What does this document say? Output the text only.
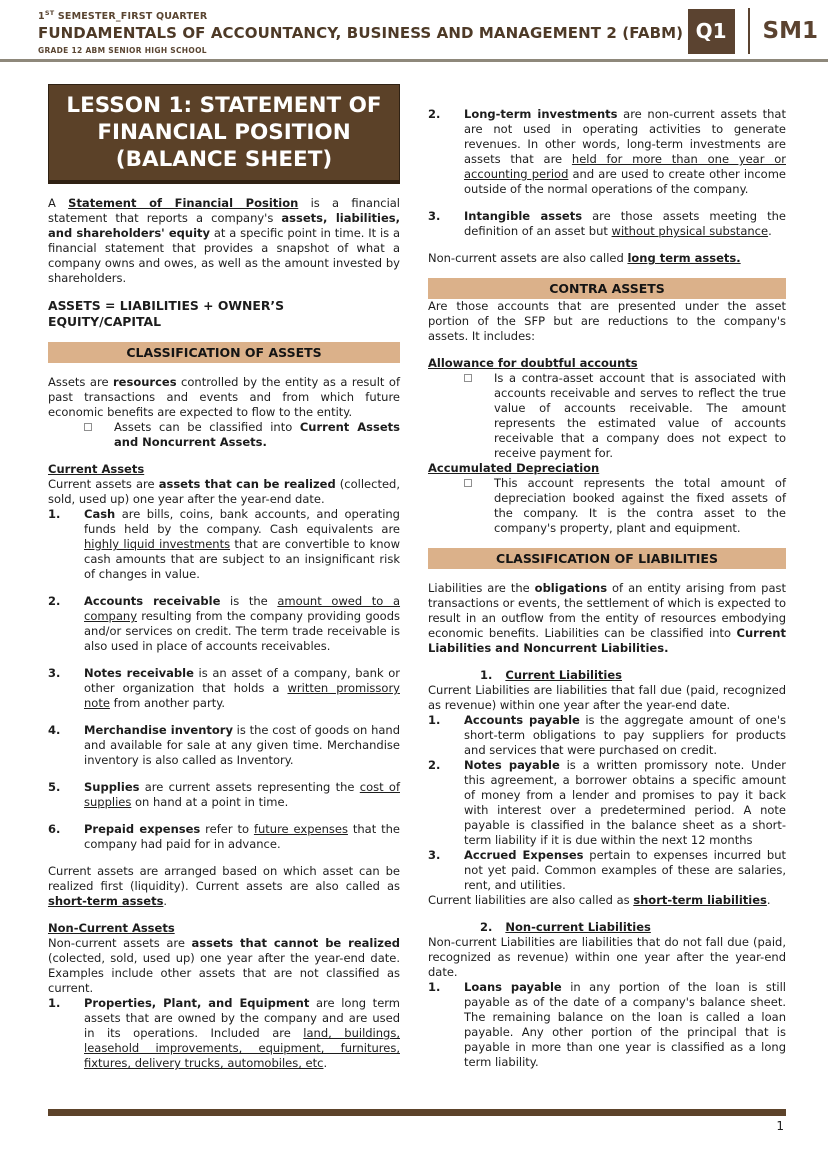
1ST SEMESTER_FIRST QUARTER
FUNDAMENTALS OF ACCOUNTANCY, BUSINESS AND MANAGEMENT 2 (FABM)
GRADE 12 ABM SENIOR HIGH SCHOOL
Q1	SM1
LESSON 1: STATEMENT OF
FINANCIAL POSITION
(BALANCE SHEET)
A Statement of Financial Position is a financial statement that reports a company's assets, liabilities, and shareholders' equity at a specific point in time. It is a financial statement that provides a snapshot of what a company owns and owes, as well as the amount invested by shareholders.
ASSETS = LIABILITIES + OWNER’S EQUITY/CAPITAL
CLASSIFICATION OF ASSETS
Assets are resources controlled by the entity as a result of past transactions and events and from which future economic benefits are expected to flow to the entity.
Assets can be classified into Current Assets and Noncurrent Assets.
Current Assets
Current assets are assets that can be realized (collected, sold, used up) one year after the year-end date.
1.	Cash are bills, coins, bank accounts, and operating funds held by the company. Cash equivalents are highly liquid investments that are convertible to know cash amounts that are subject to an insignificant risk of changes in value.
2.	Accounts receivable is the amount owed to a company resulting from the company providing goods and/or services on credit. The term trade receivable is also used in place of accounts receivables.
3.	Notes receivable is an asset of a company, bank or other organization that holds a written promissory note from another party.
4.	Merchandise inventory is the cost of goods on hand and available for sale at any given time. Merchandise inventory is also called as Inventory.
5.	Supplies are current assets representing the cost of supplies on hand at a point in time.
6.	Prepaid expenses refer to future expenses that the company had paid for in advance.
Current assets are arranged based on which asset can be realized first (liquidity). Current assets are also called as short-term assets.
Non-Current Assets
Non-current assets are assets that cannot be realized (colected, sold, used up) one year after the year-end date. Examples include other assets that are not classified as current.
1.	Properties, Plant, and Equipment are long term assets that are owned by the company and are used in its operations. Included are land, buildings, leasehold improvements, equipment, furnitures, fixtures, delivery trucks, automobiles, etc.
2.	Long-term investments are non-current assets that are not used in operating activities to generate revenues. In other words, long-term investments are assets that are held for more than one year or accounting period and are used to create other income outside of the normal operations of the company.
3.	Intangible assets are those assets meeting the definition of an asset but without physical substance.
Non-current assets are also called long term assets.
CONTRA ASSETS
Are those accounts that are presented under the asset portion of the SFP but are reductions to the company's assets. It includes:
Allowance for doubtful accounts
Is a contra-asset account that is associated with accounts receivable and serves to reflect the true value of accounts receivable. The amount represents the estimated value of accounts receivable that a company does not expect to receive payment for.
Accumulated Depreciation
This account represents the total amount of depreciation booked against the fixed assets of the company. It is the contra asset to the company's property, plant and equipment.
CLASSIFICATION OF LIABILITIES
Liabilities are the obligations of an entity arising from past transactions or events, the settlement of which is expected to result in an outflow from the entity of resources embodying economic benefits. Liabilities can be classified into Current Liabilities and Noncurrent Liabilities.
1. Current Liabilities
Current Liabilities are liabilities that fall due (paid, recognized as revenue) within one year after the year-end date.
1.	Accounts payable is the aggregate amount of one's short-term obligations to pay suppliers for products and services that were purchased on credit.
2.	Notes payable is a written promissory note. Under this agreement, a borrower obtains a specific amount of money from a lender and promises to pay it back with interest over a predetermined period. A note payable is classified in the balance sheet as a short-term liability if it is due within the next 12 months
3.	Accrued Expenses pertain to expenses incurred but not yet paid. Common examples of these are salaries, rent, and utilities.
Current liabilities are also called as short-term liabilities.
2. Non-current Liabilities
Non-current Liabilities are liabilities that do not fall due (paid, recognized as revenue) within one year after the year-end date.
1.	Loans payable in any portion of the loan is still payable as of the date of a company's balance sheet. The remaining balance on the loan is called a loan payable. Any other portion of the principal that is payable in more than one year is classified as a long term liability.
1
